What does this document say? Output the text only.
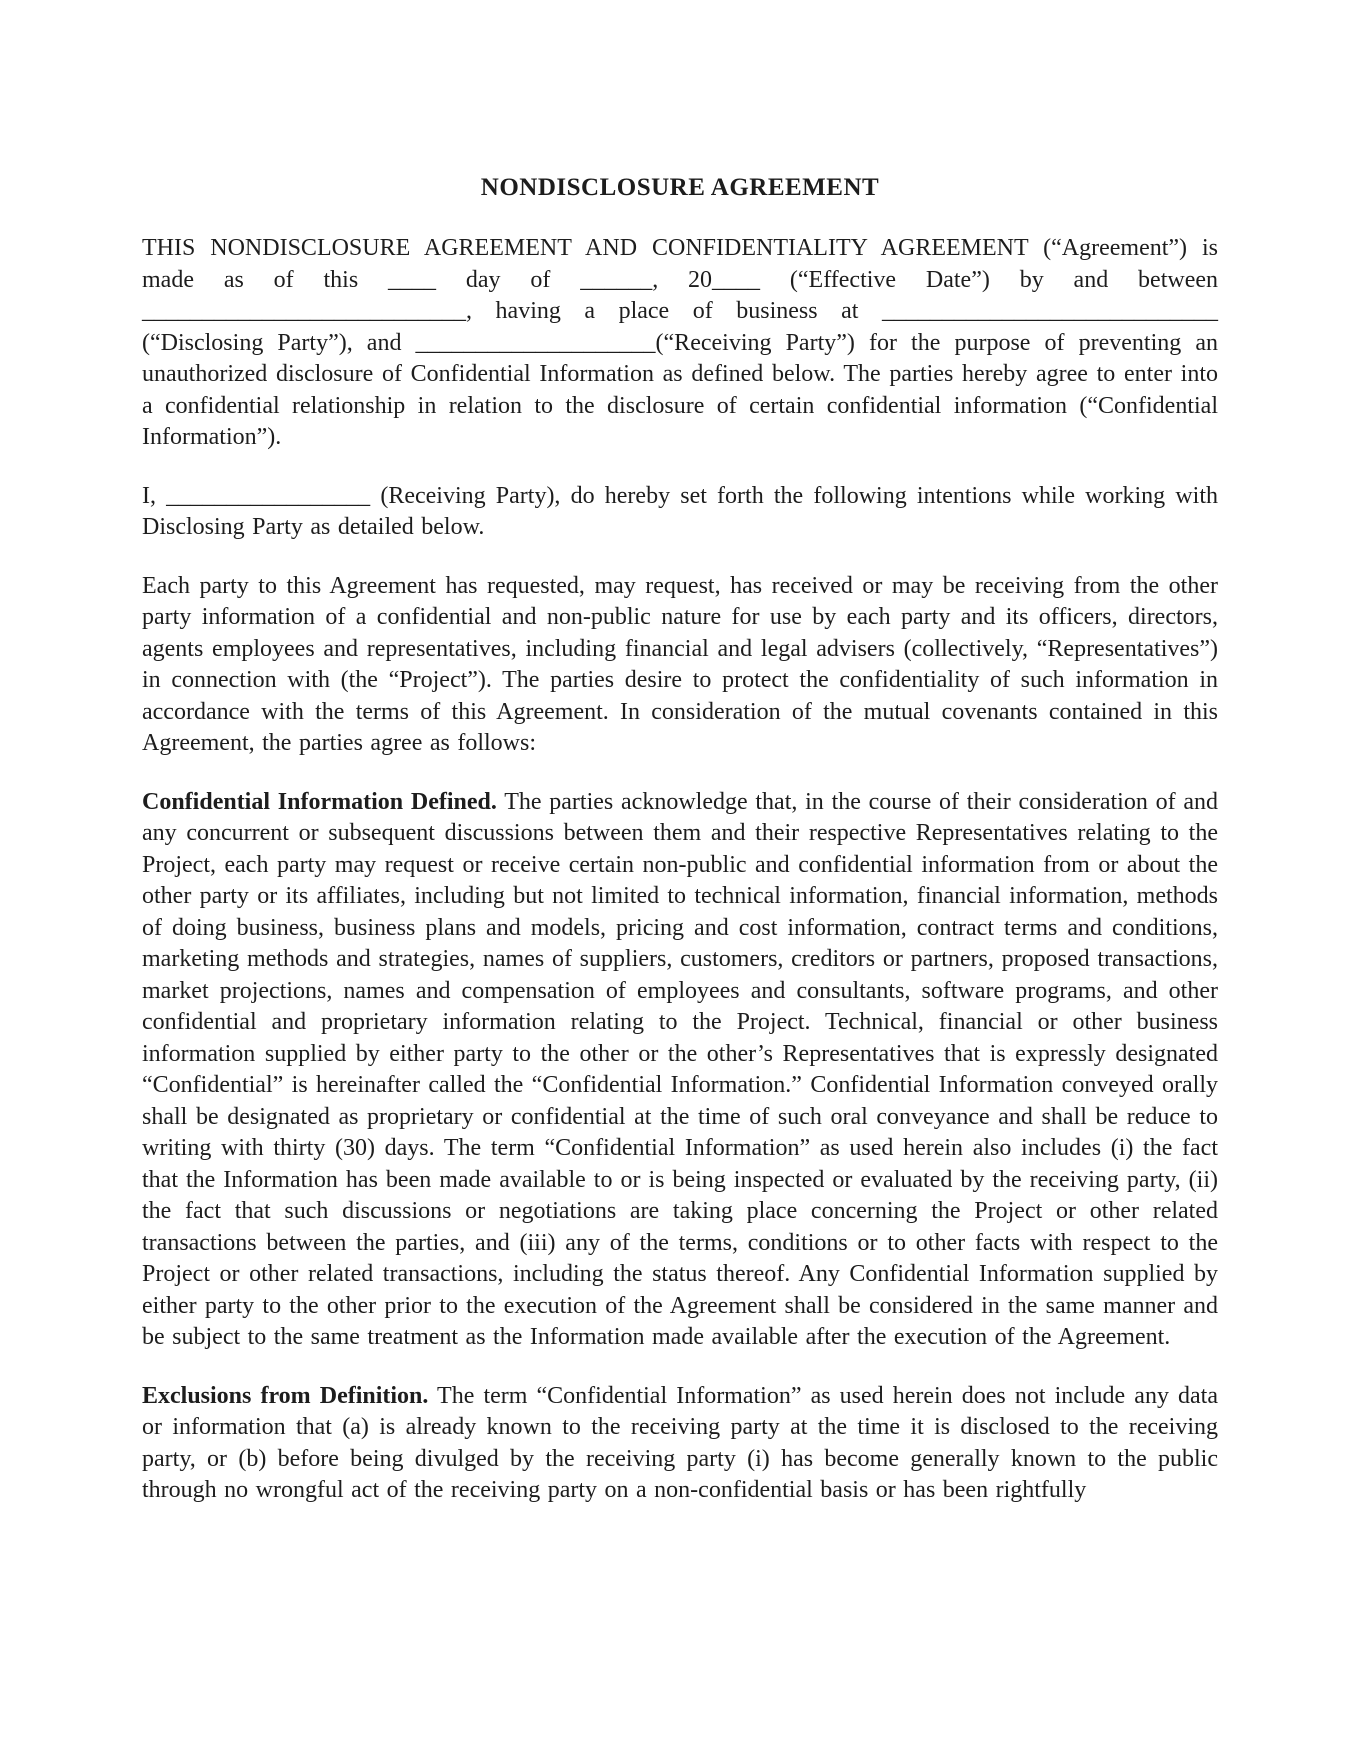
NONDISCLOSURE AGREEMENT

THIS NONDISCLOSURE AGREEMENT AND CONFIDENTIALITY AGREEMENT (“Agreement”) is made as of this ____ day of ______, 20____ (“Effective Date”) by and between ___________________________, having a place of business at ____________________________ (“Disclosing Party”), and ____________________(“Receiving Party”) for the purpose of preventing an unauthorized disclosure of Confidential Information as defined below. The parties hereby agree to enter into a confidential relationship in relation to the disclosure of certain confidential information (“Confidential Information”).

I, _________________ (Receiving Party), do hereby set forth the following intentions while working with Disclosing Party as detailed below.

Each party to this Agreement has requested, may request, has received or may be receiving from the other party information of a confidential and non-public nature for use by each party and its officers, directors, agents employees and representatives, including financial and legal advisers (collectively, “Representatives”) in connection with (the “Project”). The parties desire to protect the confidentiality of such information in accordance with the terms of this Agreement. In consideration of the mutual covenants contained in this Agreement, the parties agree as follows:

Confidential Information Defined. The parties acknowledge that, in the course of their consideration of and any concurrent or subsequent discussions between them and their respective Representatives relating to the Project, each party may request or receive certain non-public and confidential information from or about the other party or its affiliates, including but not limited to technical information, financial information, methods of doing business, business plans and models, pricing and cost information, contract terms and conditions, marketing methods and strategies, names of suppliers, customers, creditors or partners, proposed transactions, market projections, names and compensation of employees and consultants, software programs, and other confidential and proprietary information relating to the Project. Technical, financial or other business information supplied by either party to the other or the other’s Representatives that is expressly designated “Confidential” is hereinafter called the “Confidential Information.” Confidential Information conveyed orally shall be designated as proprietary or confidential at the time of such oral conveyance and shall be reduce to writing with thirty (30) days. The term “Confidential Information” as used herein also includes (i) the fact that the Information has been made available to or is being inspected or evaluated by the receiving party, (ii) the fact that such discussions or negotiations are taking place concerning the Project or other related transactions between the parties, and (iii) any of the terms, conditions or to other facts with respect to the Project or other related transactions, including the status thereof. Any Confidential Information supplied by either party to the other prior to the execution of the Agreement shall be considered in the same manner and be subject to the same treatment as the Information made available after the execution of the Agreement.

Exclusions from Definition. The term “Confidential Information” as used herein does not include any data or information that (a) is already known to the receiving party at the time it is disclosed to the receiving party, or (b) before being divulged by the receiving party (i) has become generally known to the public through no wrongful act of the receiving party on a non-confidential basis or has been rightfully
